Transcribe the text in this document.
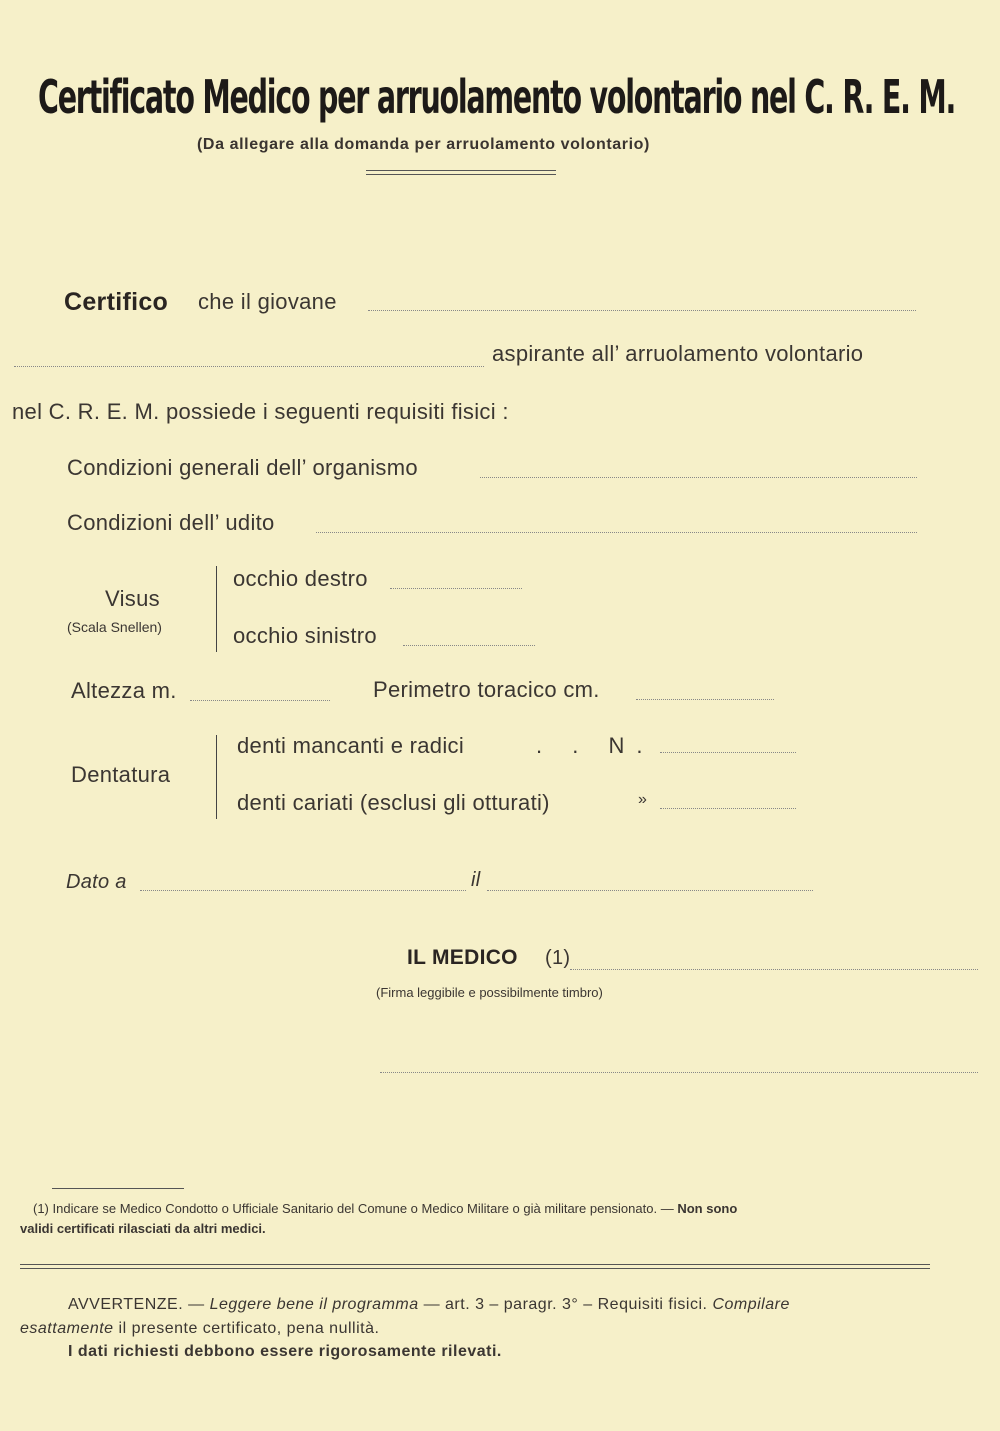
Certificato Medico per arruolamento volontario nel C. R. E. M.
(Da allegare alla domanda per arruolamento volontario)
Certifico che il giovane
aspirante all’ arruolamento volontario
nel C. R. E. M. possiede i seguenti requisiti fisici :
Condizioni generali dell’ organismo
Condizioni dell’ udito
Visus
(Scala Snellen)
occhio destro
occhio sinistro
Altezza m.	Perimetro toracico cm.
Dentatura
denti mancanti e radici	. . N.
denti cariati (esclusi gli otturati)	»
Dato a	il
IL MEDICO (1)
(Firma leggibile e possibilmente timbro)
(1) Indicare se Medico Condotto o Ufficiale Sanitario del Comune o Medico Militare o già militare pensionato. — Non sono
validi certificati rilasciati da altri medici.
AVVERTENZE. — Leggere bene il programma — art. 3 – paragr. 3° – Requisiti fisici. Compilare
esattamente il presente certificato, pena nullità.
I dati richiesti debbono essere rigorosamente rilevati.
